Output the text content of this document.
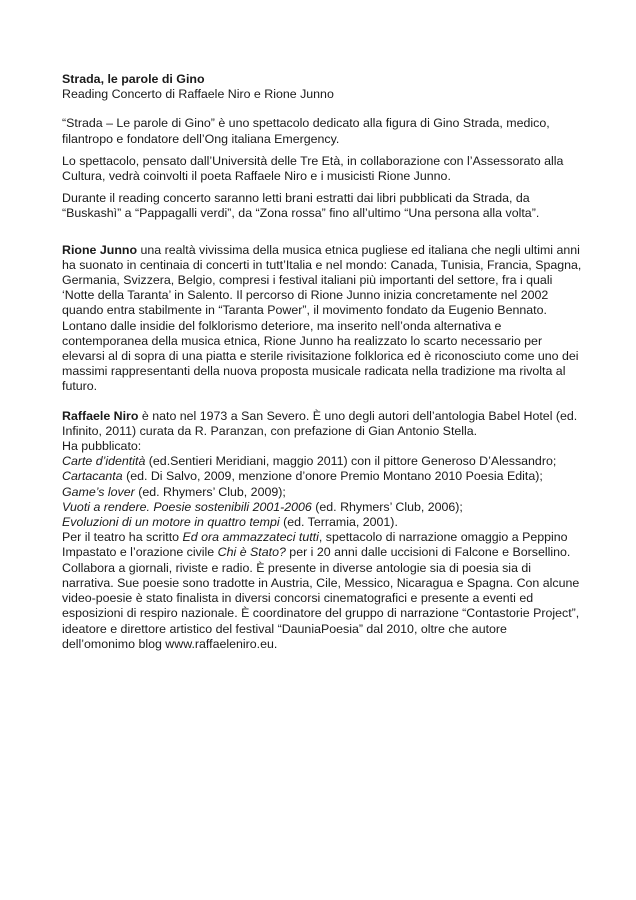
Strada, le parole di Gino

Reading Concerto di Raffaele Niro e Rione Junno

“Strada – Le parole di Gino” è uno spettacolo dedicato alla figura di Gino Strada, medico, filantropo e fondatore dell’Ong italiana Emergency.

Lo spettacolo, pensato dall’Università delle Tre Età, in collaborazione con l’Assessorato alla Cultura, vedrà coinvolti il poeta Raffaele Niro e i musicisti Rione Junno.

Durante il reading concerto saranno letti brani estratti dai libri pubblicati da Strada, da “Buskashì” a “Pappagalli verdi”, da “Zona rossa” fino all’ultimo “Una persona alla volta”.

Rione Junno una realtà vivissima della musica etnica pugliese ed italiana che negli ultimi anni ha suonato in centinaia di concerti in tutt’Italia e nel mondo: Canada, Tunisia, Francia, Spagna, Germania, Svizzera, Belgio, compresi i festival italiani più importanti del settore, fra i quali ‘Notte della Taranta’ in Salento. Il percorso di Rione Junno inizia concretamente nel 2002 quando entra stabilmente in “Taranta Power”, il movimento fondato da Eugenio Bennato. Lontano dalle insidie del folklorismo deteriore, ma inserito nell’onda alternativa e contemporanea della musica etnica, Rione Junno ha realizzato lo scarto necessario per elevarsi al di sopra di una piatta e sterile rivisitazione folklorica ed è riconosciuto come uno dei massimi rappresentanti della nuova proposta musicale radicata nella tradizione ma rivolta al futuro.

Raffaele Niro è nato nel 1973 a San Severo. È uno degli autori dell’antologia Babel Hotel (ed. Infinito, 2011) curata da R. Paranzan, con prefazione di Gian Antonio Stella.

Ha pubblicato:

Carte d’identità (ed.Sentieri Meridiani, maggio 2011) con il pittore Generoso D’Alessandro;

Cartacanta (ed. Di Salvo, 2009, menzione d’onore Premio Montano 2010 Poesia Edita);

Game’s lover (ed. Rhymers’ Club, 2009);

Vuoti a rendere. Poesie sostenibili 2001-2006 (ed. Rhymers’ Club, 2006);

Evoluzioni di un motore in quattro tempi (ed. Terramia, 2001).

Per il teatro ha scritto Ed ora ammazzateci tutti, spettacolo di narrazione omaggio a Peppino Impastato e l’orazione civile Chi è Stato? per i 20 anni dalle uccisioni di Falcone e Borsellino. Collabora a giornali, riviste e radio. È presente in diverse antologie sia di poesia sia di narrativa. Sue poesie sono tradotte in Austria, Cile, Messico, Nicaragua e Spagna. Con alcune video-poesie è stato finalista in diversi concorsi cinematografici e presente a eventi ed esposizioni di respiro nazionale. È coordinatore del gruppo di narrazione “Contastorie Project”, ideatore e direttore artistico del festival “DauniaPoesia” dal 2010, oltre che autore dell’omonimo blog www.raffaeleniro.eu.
